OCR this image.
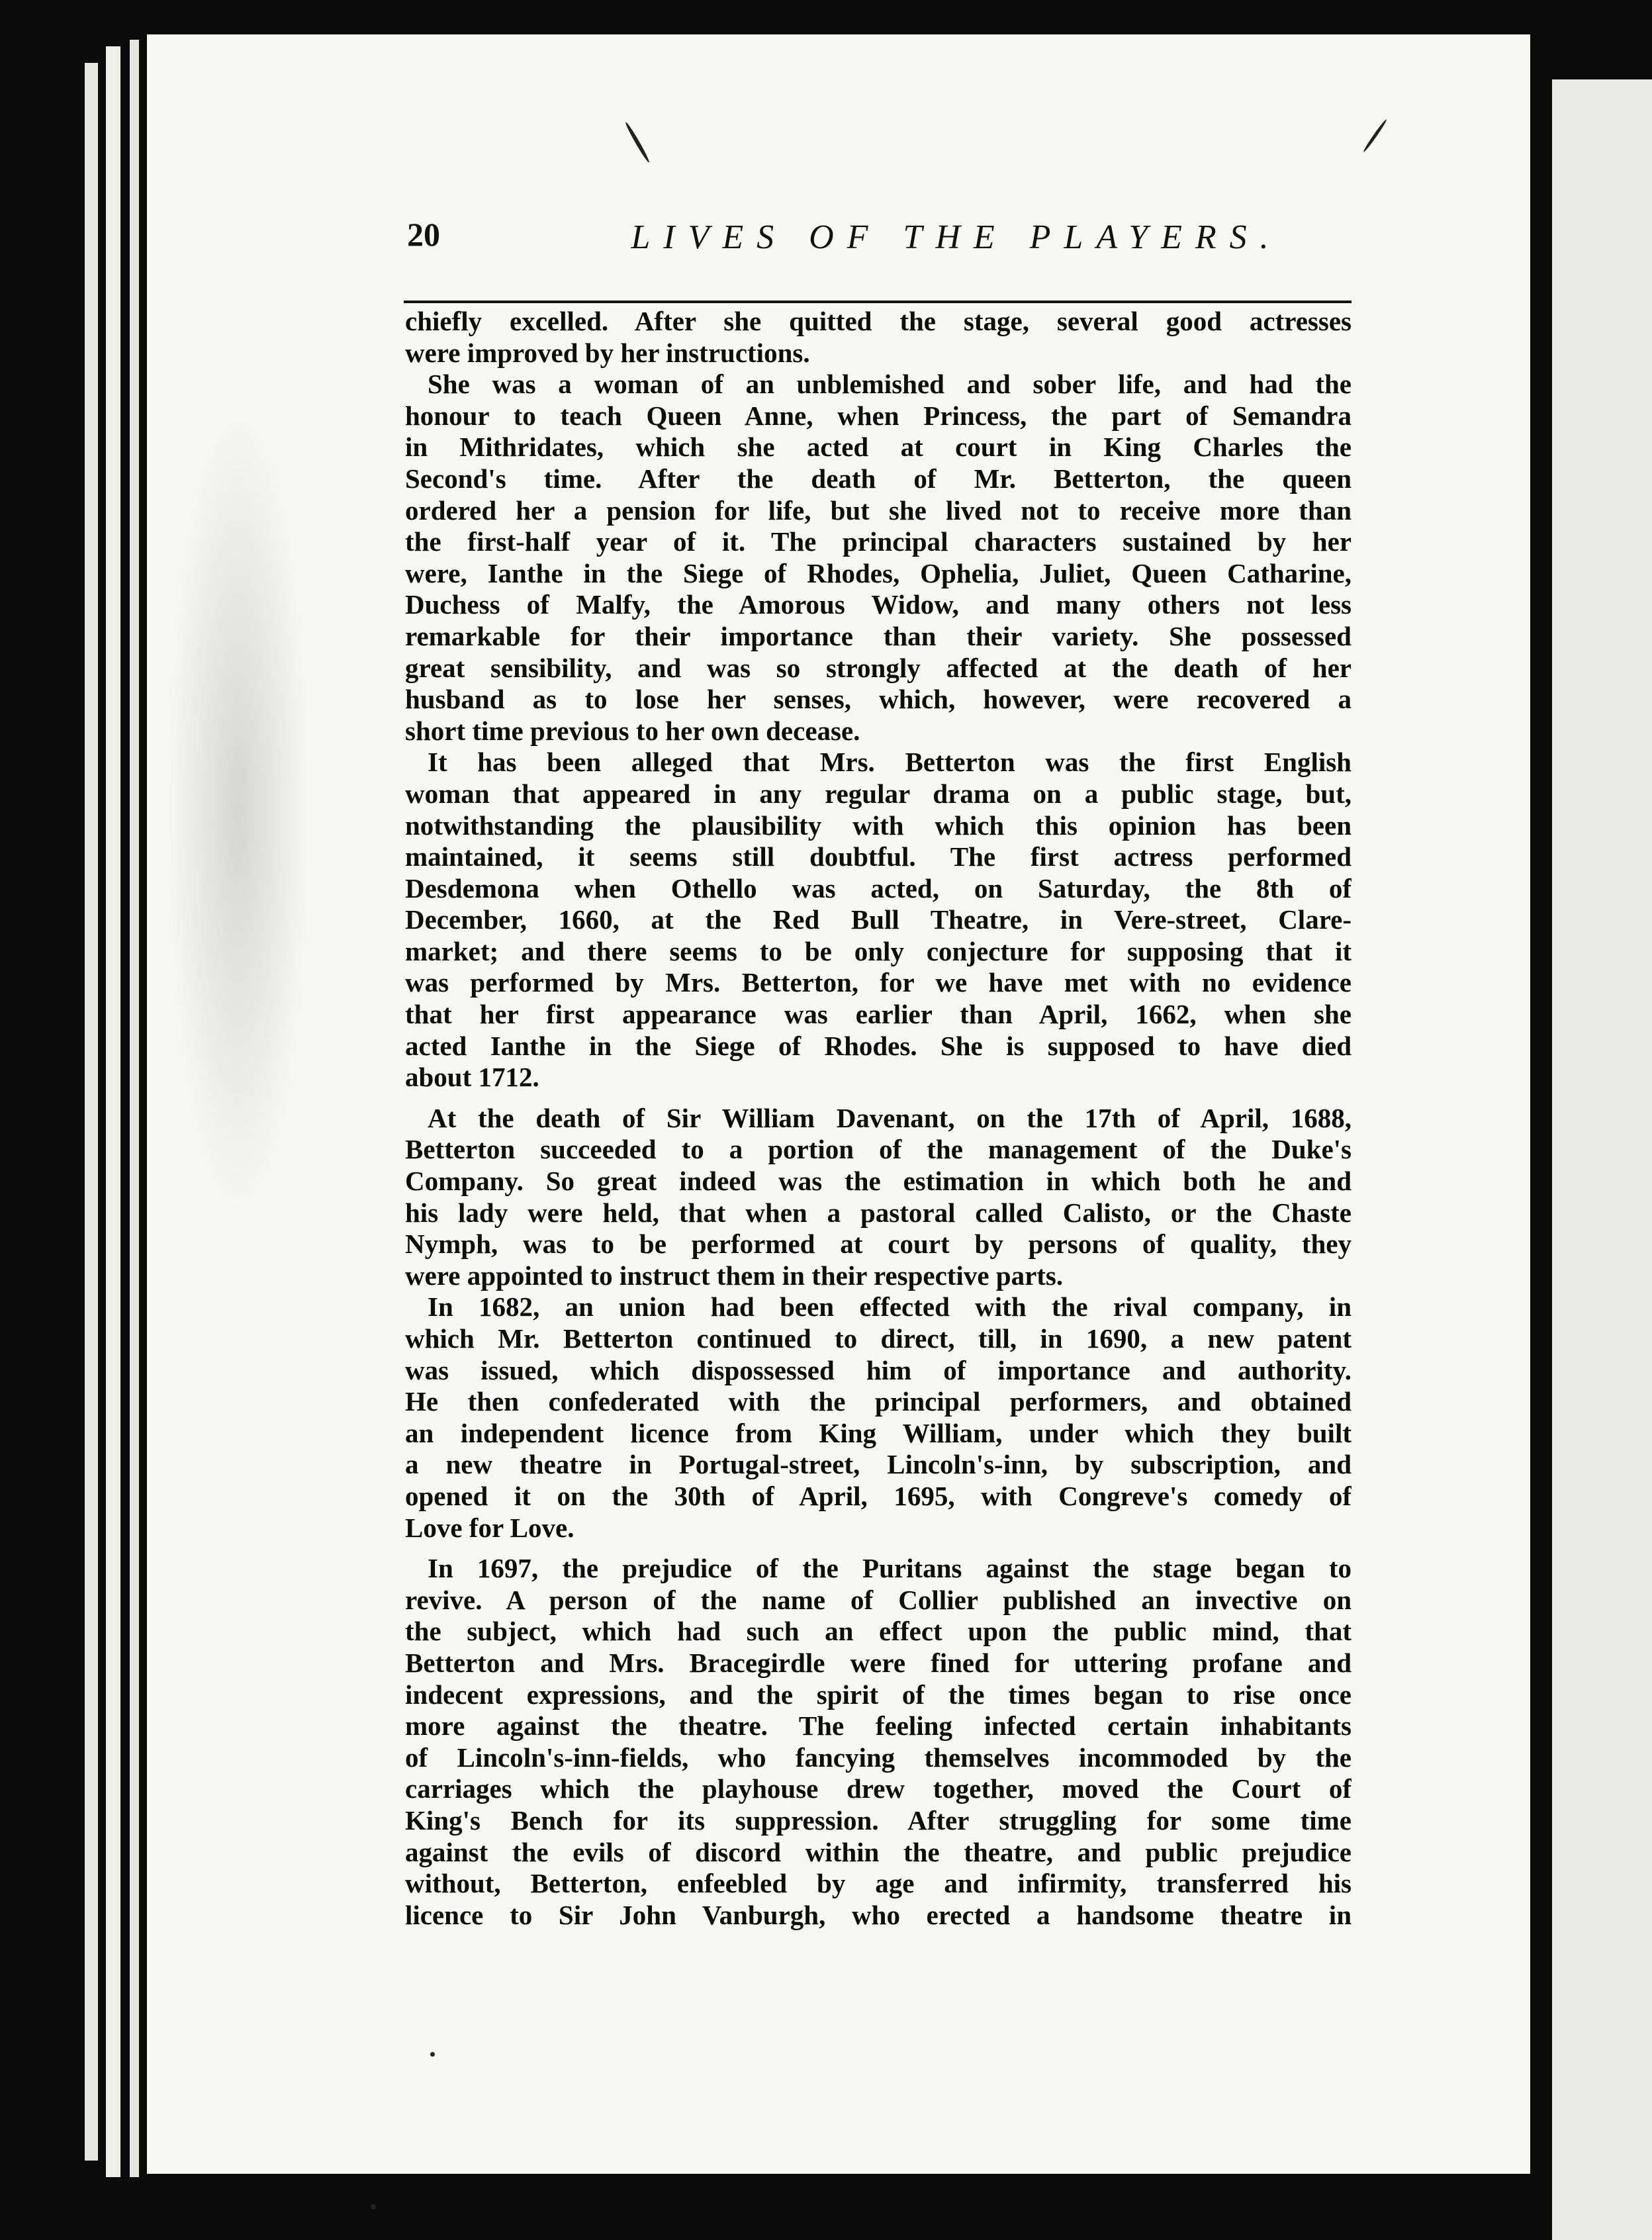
20	LIVES OF THE PLAYERS.
chiefly excelled. After she quitted the stage, several good actresses
were improved by her instructions.
She was a woman of an unblemished and sober life, and had the
honour to teach Queen Anne, when Princess, the part of Semandra
in Mithridates, which she acted at court in King Charles the
Second's time. After the death of Mr. Betterton, the queen
ordered her a pension for life, but she lived not to receive more than
the first-half year of it. The principal characters sustained by her
were, Ianthe in the Siege of Rhodes, Ophelia, Juliet, Queen Catharine,
Duchess of Malfy, the Amorous Widow, and many others not less
remarkable for their importance than their variety. She possessed
great sensibility, and was so strongly affected at the death of her
husband as to lose her senses, which, however, were recovered a
short time previous to her own decease.
It has been alleged that Mrs. Betterton was the first English
woman that appeared in any regular drama on a public stage, but,
notwithstanding the plausibility with which this opinion has been
maintained, it seems still doubtful. The first actress performed
Desdemona when Othello was acted, on Saturday, the 8th of
December, 1660, at the Red Bull Theatre, in Vere-street, Clare-
market; and there seems to be only conjecture for supposing that it
was performed by Mrs. Betterton, for we have met with no evidence
that her first appearance was earlier than April, 1662, when she
acted Ianthe in the Siege of Rhodes. She is supposed to have died
about 1712.
At the death of Sir William Davenant, on the 17th of April, 1688,
Betterton succeeded to a portion of the management of the Duke's
Company. So great indeed was the estimation in which both he and
his lady were held, that when a pastoral called Calisto, or the Chaste
Nymph, was to be performed at court by persons of quality, they
were appointed to instruct them in their respective parts.
In 1682, an union had been effected with the rival company, in
which Mr. Betterton continued to direct, till, in 1690, a new patent
was issued, which dispossessed him of importance and authority.
He then confederated with the principal performers, and obtained
an independent licence from King William, under which they built
a new theatre in Portugal-street, Lincoln's-inn, by subscription, and
opened it on the 30th of April, 1695, with Congreve's comedy of
Love for Love.
In 1697, the prejudice of the Puritans against the stage began to
revive. A person of the name of Collier published an invective on
the subject, which had such an effect upon the public mind, that
Betterton and Mrs. Bracegirdle were fined for uttering profane and
indecent expressions, and the spirit of the times began to rise once
more against the theatre. The feeling infected certain inhabitants
of Lincoln's-inn-fields, who fancying themselves incommoded by the
carriages which the playhouse drew together, moved the Court of
King's Bench for its suppression. After struggling for some time
against the evils of discord within the theatre, and public prejudice
without, Betterton, enfeebled by age and infirmity, transferred his
licence to Sir John Vanburgh, who erected a handsome theatre in
